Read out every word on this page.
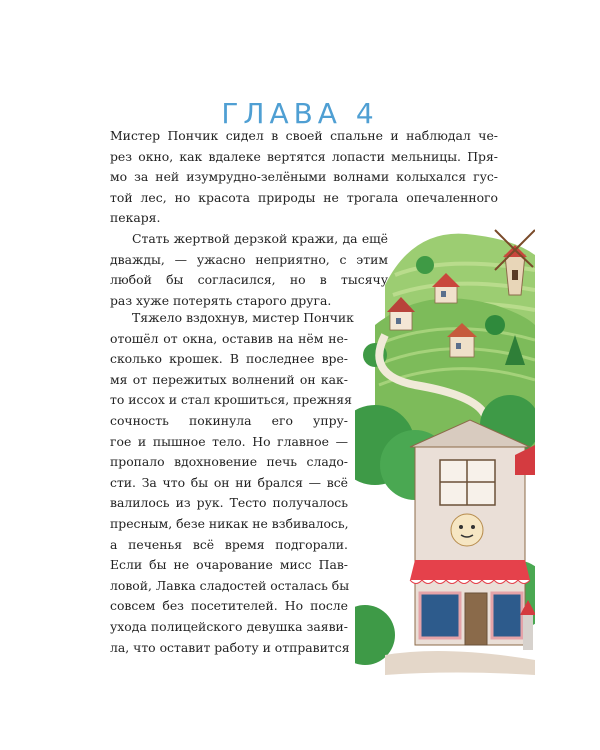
ГЛАВА 4
Мистер Пончик сидел в своей спальне и наблюдал че-
рез окно, как вдалеке вертятся лопасти мельницы. Пря-
мо за ней изумрудно-зелёными волнами колыхался гус-
той лес, но красота природы не трогала опечаленного
пекаря.
Стать жертвой дерзкой кражи, да ещё
дважды, — ужасно неприятно, с этим
любой бы согласился, но в тысячу
раз хуже потерять старого друга.
Тяжело вздохнув, мистер Пончик
отошёл от окна, оставив на нём не-
сколько крошек. В последнее вре-
мя от пережитых волнений он как-
то иссох и стал крошиться, прежняя
сочность покинула его упру-
гое и пышное тело. Но главное —
пропало вдохновение печь сладо-
сти. За что бы он ни брался — всё
валилось из рук. Тесто получалось
пресным, безе никак не взбивалось,
а печенья всё время подгорали.
Если бы не очарование мисс Пав-
ловой, Лавка сладостей осталась бы
совсем без посетителей. Но после
ухода полицейского девушка заяви-
ла, что оставит работу и отправится
